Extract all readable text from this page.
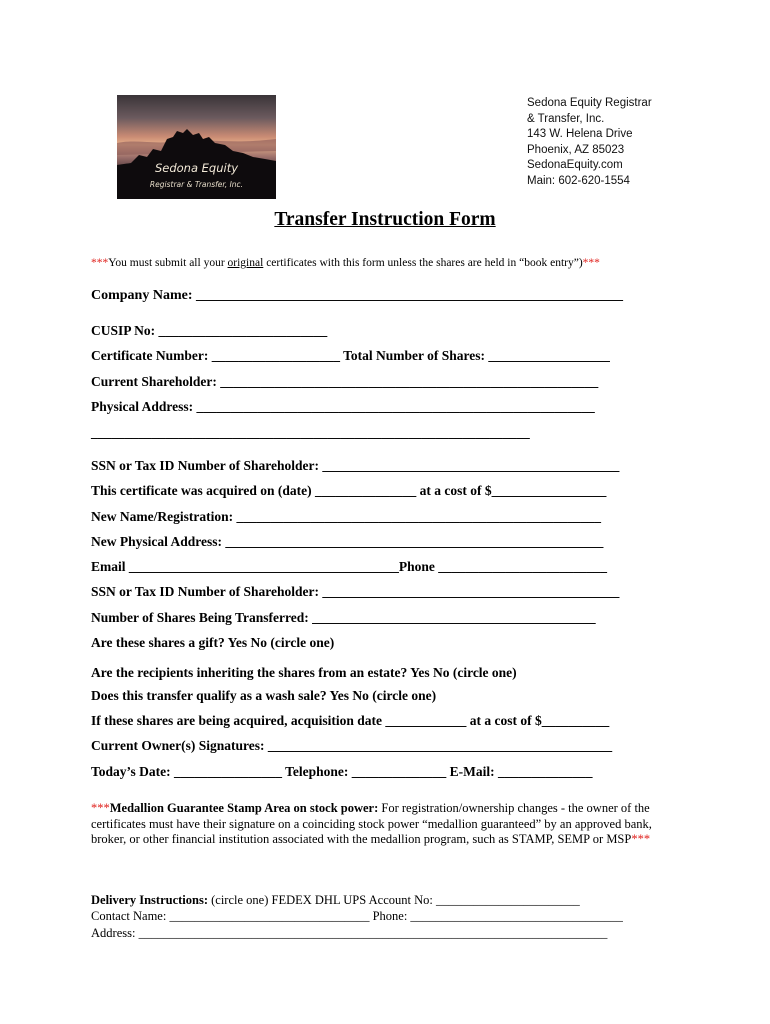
Sedona Equity
Registrar & Transfer, Inc.
Sedona Equity Registrar
& Transfer, Inc.
143 W. Helena Drive
Phoenix, AZ 85023
SedonaEquity.com
Main: 602-620-1554
Transfer Instruction Form
***You must submit all your original certificates with this form unless the shares are held in “book entry”)***
Company Name: _____________________________________________________________
CUSIP No: _________________________
Certificate Number: ___________________ Total Number of Shares: __________________
Current Shareholder: ________________________________________________________
Physical Address: ___________________________________________________________
_________________________________________________________________
SSN or Tax ID Number of Shareholder: ____________________________________________
This certificate was acquired on (date) _______________ at a cost of $_________________
New Name/Registration: ______________________________________________________
New Physical Address: ________________________________________________________
Email ________________________________________Phone _________________________
SSN or Tax ID Number of Shareholder: ____________________________________________
Number of Shares Being Transferred: __________________________________________
Are these shares a gift? Yes No (circle one)
Are the recipients inheriting the shares from an estate? Yes No (circle one)
Does this transfer qualify as a wash sale? Yes No (circle one)
If these shares are being acquired, acquisition date ____________ at a cost of $__________
Current Owner(s) Signatures: ___________________________________________________
Today’s Date: ________________ Telephone: ______________ E-Mail: ______________
***Medallion Guarantee Stamp Area on stock power: For registration/ownership changes - the owner of the certificates must have their signature on a coinciding stock power “medallion guaranteed” by an approved bank, broker, or other financial institution associated with the medallion program, such as STAMP, SEMP or MSP***
Delivery Instructions: (circle one) FEDEX DHL UPS Account No: _______________________
Contact Name: ________________________________ Phone: __________________________________
Address: ___________________________________________________________________________
